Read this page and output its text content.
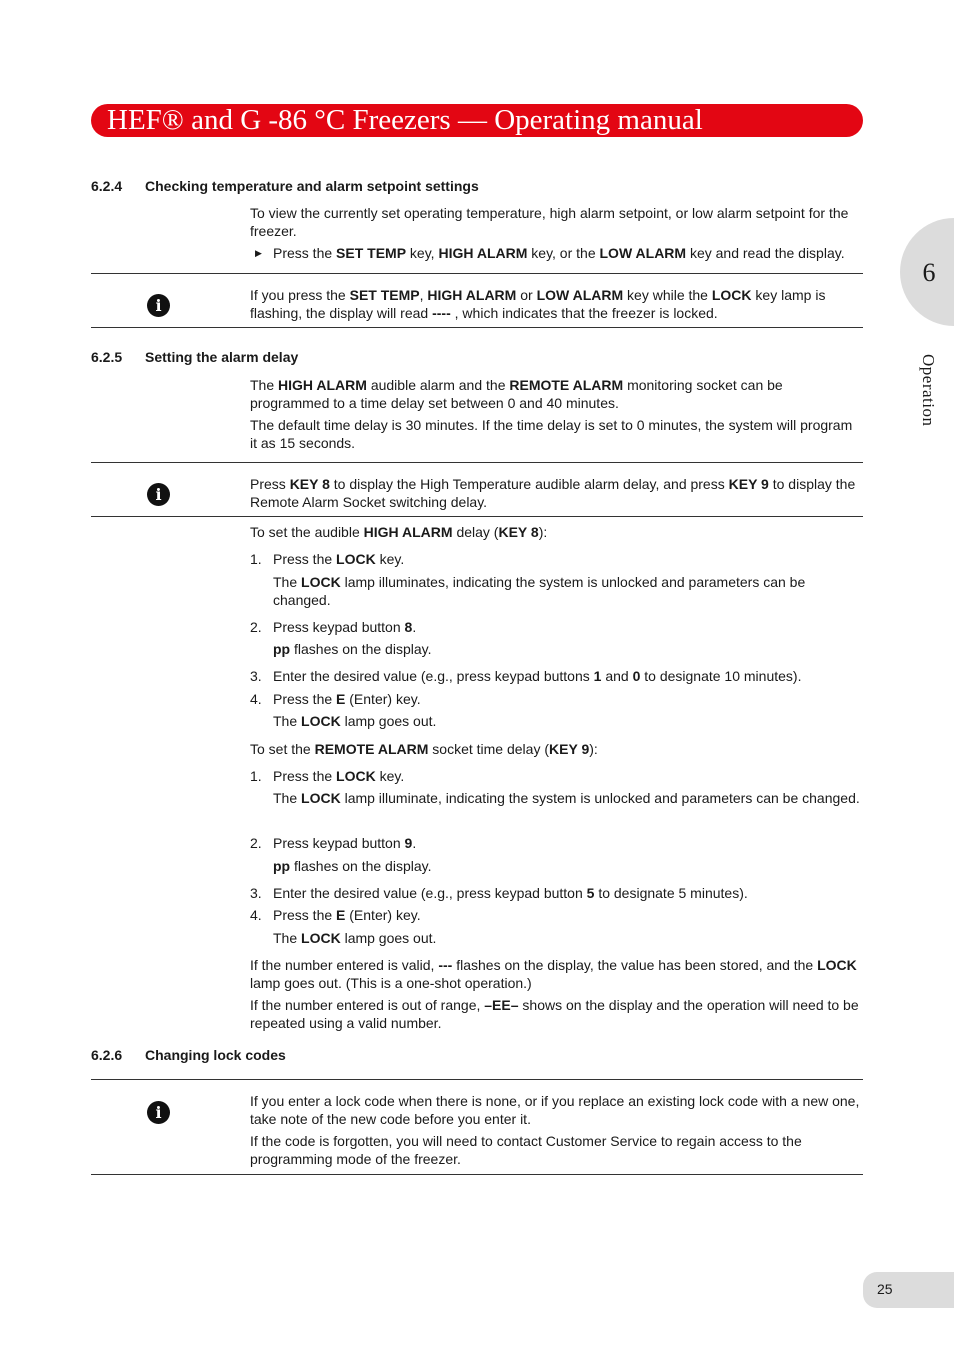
HEF® and G -86 °C Freezers — Operating manual
6
Operation
6.2.4 Checking temperature and alarm setpoint settings
To view the currently set operating temperature, high alarm setpoint, or low alarm setpoint for the freezer.
▶ Press the SET TEMP key, HIGH ALARM key, or the LOW ALARM key and read the display.
i
If you press the SET TEMP, HIGH ALARM or LOW ALARM key while the LOCK key lamp is flashing, the display will read ---- , which indicates that the freezer is locked.
6.2.5 Setting the alarm delay
The HIGH ALARM audible alarm and the REMOTE ALARM monitoring socket can be programmed to a time delay set between 0 and 40 minutes.
The default time delay is 30 minutes. If the time delay is set to 0 minutes, the system will program it as 15 seconds.
i
Press KEY 8 to display the High Temperature audible alarm delay, and press KEY 9 to display the Remote Alarm Socket switching delay.
To set the audible HIGH ALARM delay (KEY 8):
1. Press the LOCK key.
The LOCK lamp illuminates, indicating the system is unlocked and parameters can be changed.
2. Press keypad button 8.
pp flashes on the display.
3. Enter the desired value (e.g., press keypad buttons 1 and 0 to designate 10 minutes).
4. Press the E (Enter) key.
The LOCK lamp goes out.
To set the REMOTE ALARM socket time delay (KEY 9):
1. Press the LOCK key.
The LOCK lamp illuminate, indicating the system is unlocked and parameters can be changed.
2. Press keypad button 9.
pp flashes on the display.
3. Enter the desired value (e.g., press keypad button 5 to designate 5 minutes).
4. Press the E (Enter) key.
The LOCK lamp goes out.
If the number entered is valid, --- flashes on the display, the value has been stored, and the LOCK lamp goes out. (This is a one-shot operation.)
If the number entered is out of range, –EE– shows on the display and the operation will need to be repeated using a valid number.
6.2.6 Changing lock codes
i
If you enter a lock code when there is none, or if you replace an existing lock code with a new one, take note of the new code before you enter it.
If the code is forgotten, you will need to contact Customer Service to regain access to the programming mode of the freezer.
25
